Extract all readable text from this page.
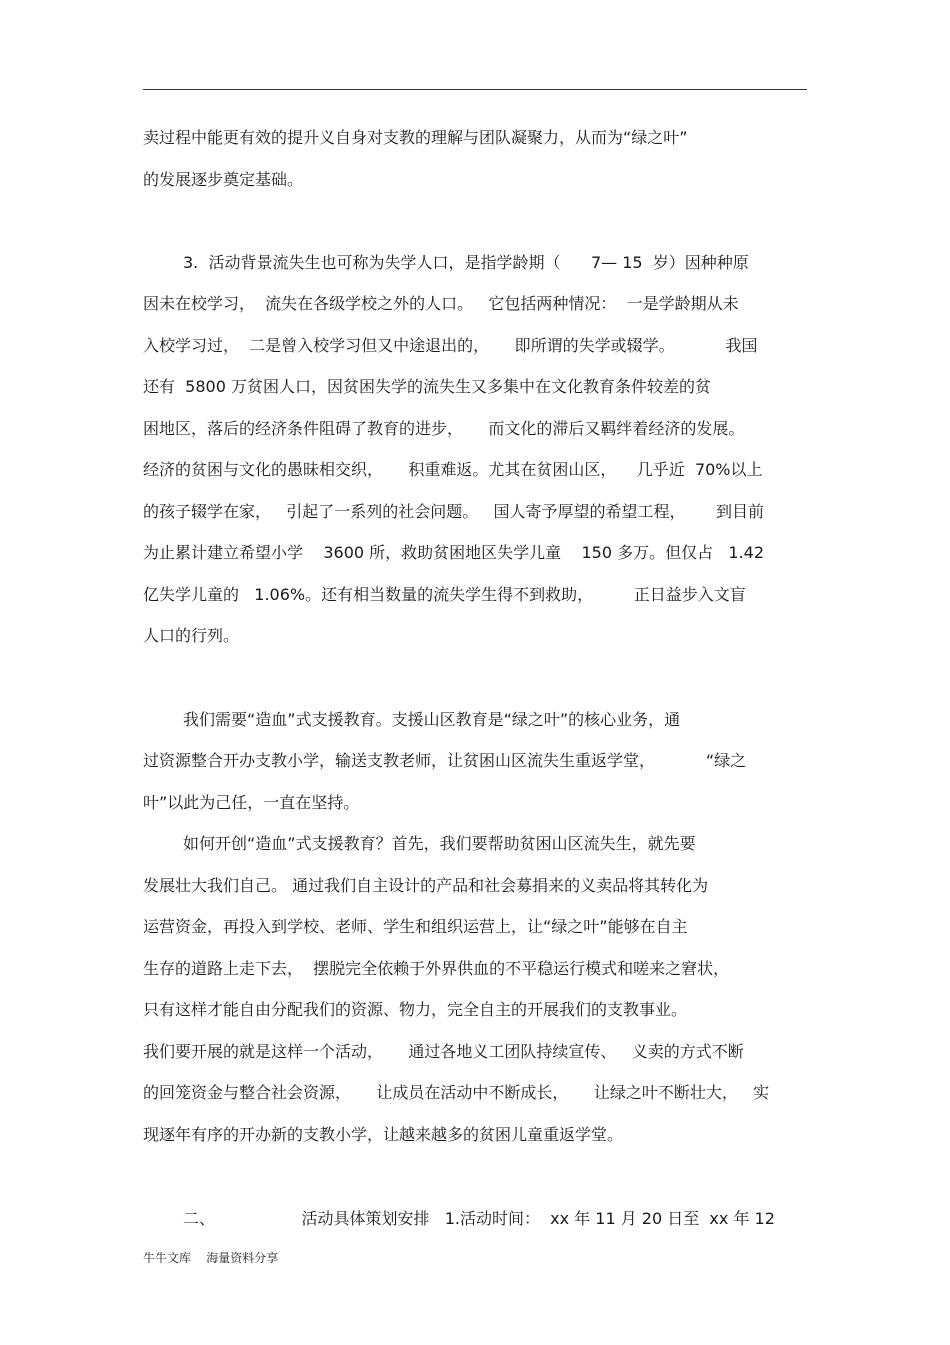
卖过程中能更有效的提升义自身对支教的理解与团队凝聚力，从而为“绿之叶”
的发展逐步奠定基础。
3.  活动背景流失生也可称为失学人口，是指学龄期（      7— 15  岁）因种种原
因未在校学习，  流失在各级学校之外的人口。   它包括两种情况：  一是学龄期从未
入校学习过，  二是曾入校学习但又中途退出的，     即所谓的失学或辍学。          我国
还有  5800 万贫困人口，因贫困失学的流失生又多集中在文化教育条件较差的贫
困地区，落后的经济条件阻碍了教育的进步，     而文化的滞后又羁绊着经济的发展。
经济的贫困与文化的愚昧相交织，     积重难返。尤其在贫困山区，    几乎近  70%以上
的孩子辍学在家，   引起了一系列的社会问题。   国人寄予厚望的希望工程，      到目前
为止累计建立希望小学    3600 所，救助贫困地区失学儿童    150 多万。但仅占   1.42
亿失学儿童的   1.06%。还有相当数量的流失学生得不到救助，        正日益步入文盲
人口的行列。
我们需要“造血”式支援教育。支援山区教育是“绿之叶”的核心业务，通
过资源整合开办支教小学，输送支教老师，让贫困山区流失生重返学堂，          “绿之
叶”以此为己任，一直在坚持。
如何开创“造血”式支援教育？首先，我们要帮助贫困山区流失生，就先要
发展壮大我们自己。 通过我们自主设计的产品和社会募捐来的义卖品将其转化为
运营资金，再投入到学校、老师、学生和组织运营上，让“绿之叶”能够在自主
生存的道路上走下去，  摆脱完全依赖于外界供血的不平稳运行模式和嗟来之窘状，
只有这样才能自由分配我们的资源、物力，完全自主的开展我们的支教事业。
我们要开展的就是这样一个活动，     通过各地义工团队持续宣传、   义卖的方式不断
的回笼资金与整合社会资源，     让成员在活动中不断成长，     让绿之叶不断壮大，   实
现逐年有序的开办新的支教小学，让越来越多的贫困儿童重返学堂。
二、                 活动具体策划安排   1.活动时间：  xx 年 11 月 20 日至  xx 年 12
牛牛文库    海量资料分享
